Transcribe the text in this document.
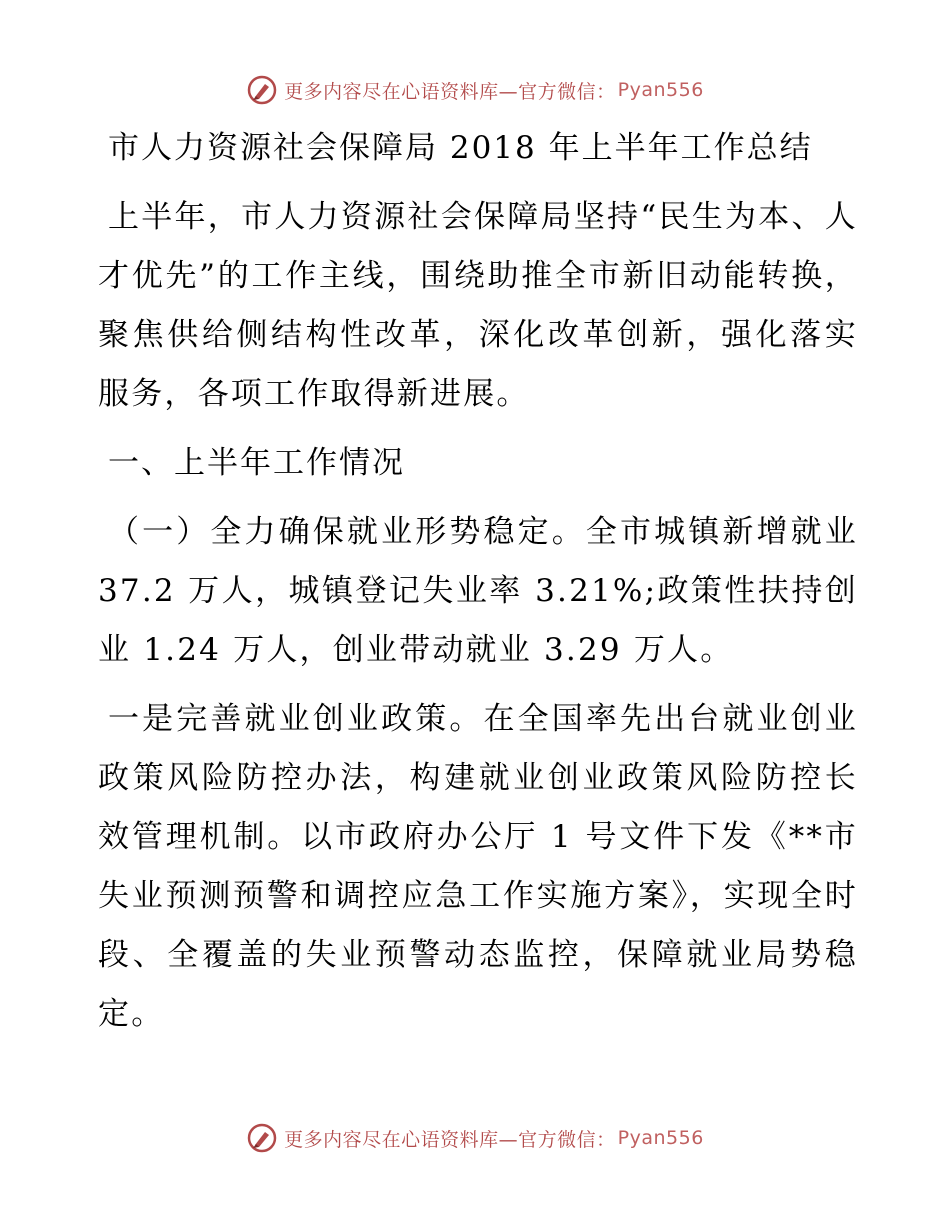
更多内容尽在心语资料库—官方微信： Pyan556
市人力资源社会保障局 2018 年上半年工作总结

上半年，市人力资源社会保障局坚持“民生为本、人才优先”的工作主线，围绕助推全市新旧动能转换，聚焦供给侧结构性改革，深化改革创新，强化落实服务，各项工作取得新进展。

一、上半年工作情况

（一）全力确保就业形势稳定。全市城镇新增就业 37.2 万人，城镇登记失业率 3.21%;政策性扶持创业 1.24 万人，创业带动就业 3.29 万人。

一是完善就业创业政策。在全国率先出台就业创业政策风险防控办法，构建就业创业政策风险防控长效管理机制。以市政府办公厅 1 号文件下发《**市失业预测预警和调控应急工作实施方案》，实现全时段、全覆盖的失业预警动态监控，保障就业局势稳定。

更多内容尽在心语资料库—官方微信： Pyan556
